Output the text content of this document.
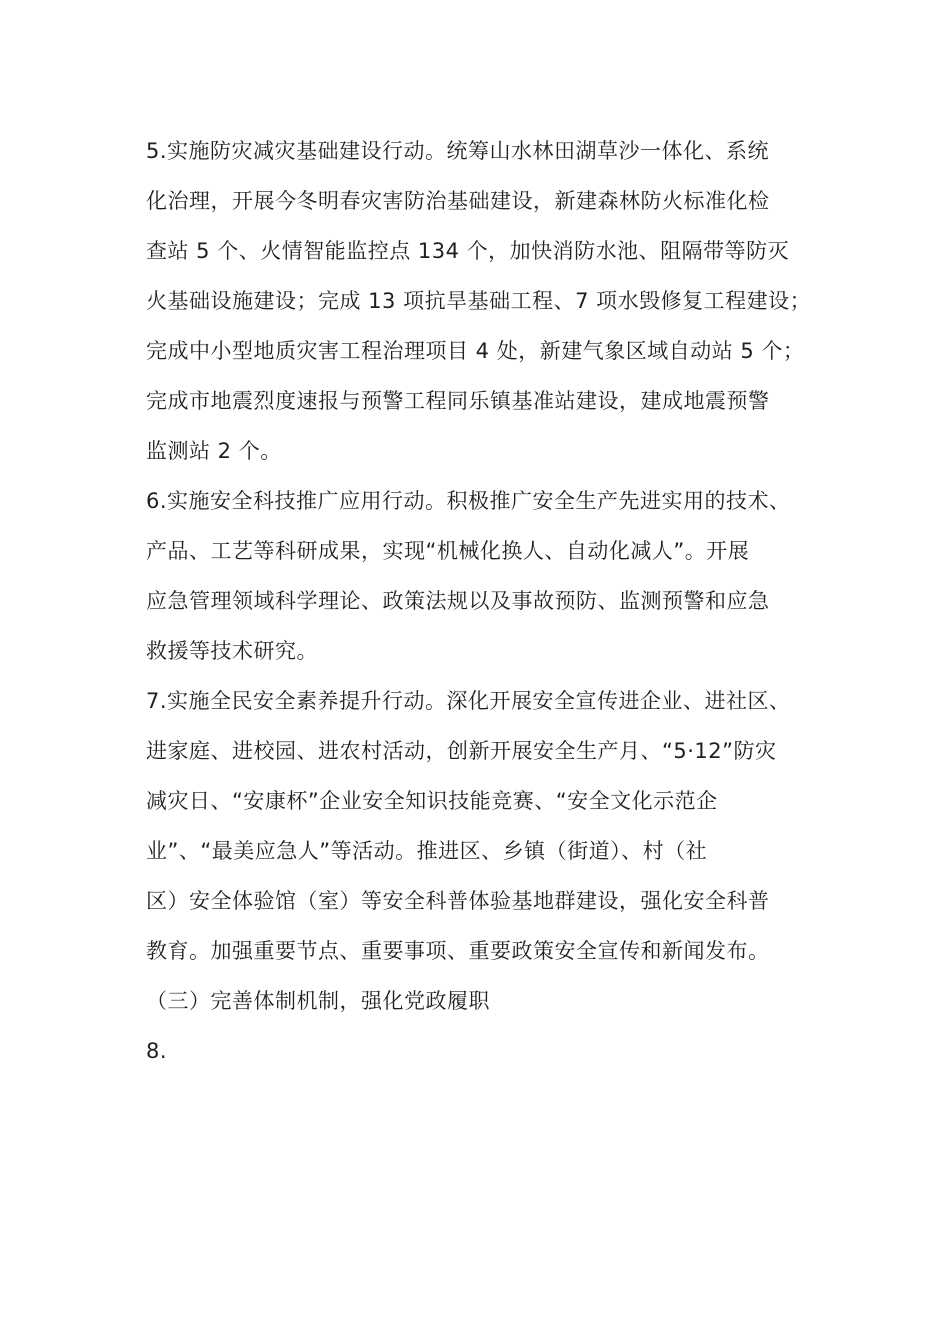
5.实施防灾减灾基础建设行动。统筹山水林田湖草沙一体化、系统

化治理，开展今冬明春灾害防治基础建设，新建森林防火标准化检

查站 5 个、火情智能监控点 134 个，加快消防水池、阻隔带等防灭

火基础设施建设；完成 13 项抗旱基础工程、7 项水毁修复工程建设；

完成中小型地质灾害工程治理项目 4 处，新建气象区域自动站 5 个；

完成市地震烈度速报与预警工程同乐镇基准站建设，建成地震预警

监测站 2 个。

6.实施安全科技推广应用行动。积极推广安全生产先进实用的技术、

产品、工艺等科研成果，实现“机械化换人、自动化减人”。开展

应急管理领域科学理论、政策法规以及事故预防、监测预警和应急

救援等技术研究。

7.实施全民安全素养提升行动。深化开展安全宣传进企业、进社区、

进家庭、进校园、进农村活动，创新开展安全生产月、“5·12”防灾

减灾日、“安康杯”企业安全知识技能竞赛、“安全文化示范企

业”、“最美应急人”等活动。推进区、乡镇（街道）、村（社

区）安全体验馆（室）等安全科普体验基地群建设，强化安全科普

教育。加强重要节点、重要事项、重要政策安全宣传和新闻发布。

（三）完善体制机制，强化党政履职

8.
